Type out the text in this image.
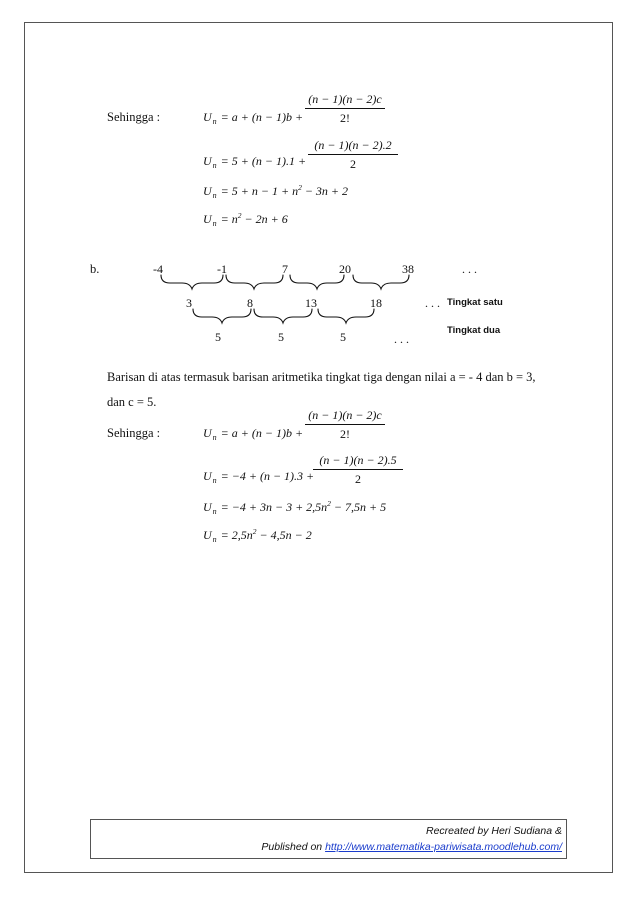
Sehingga :	$U_n = a + (n - 1)b + \frac{(n - 1)(n - 2)c}{2!}$
$U_n = 5 + (n - 1).1 + \frac{(n - 1)(n - 2).2}{2}$
$U_n = 5 + n - 1 + n^2 - 3n + 2$
$U_n = n^2 - 2n + 6$
b.	-4	-1	7	20	38	. . .
3	8	13	18	. . . Tingkat satu
5	5	5	. . .
Tingkat dua
Barisan di atas termasuk barisan aritmetika tingkat tiga dengan nilai a = - 4 dan b = 3,
dan c = 5.
Sehingga :	$U_n = a + (n - 1)b + \frac{(n - 1)(n - 2)c}{2!}$
$U_n = -4 + (n - 1).3$ +
$\frac{(n - 1)(n - 2).5}{2}$
$U_n = -4 + 3n - 3 + 2,5n^2 - 7,5n + 5$
$U_n = 2,5n^2 - 4,5n - 2$
Recreated by Heri Sudiana &
Published on http://www.matematika-pariwisata.moodlehub.com/
